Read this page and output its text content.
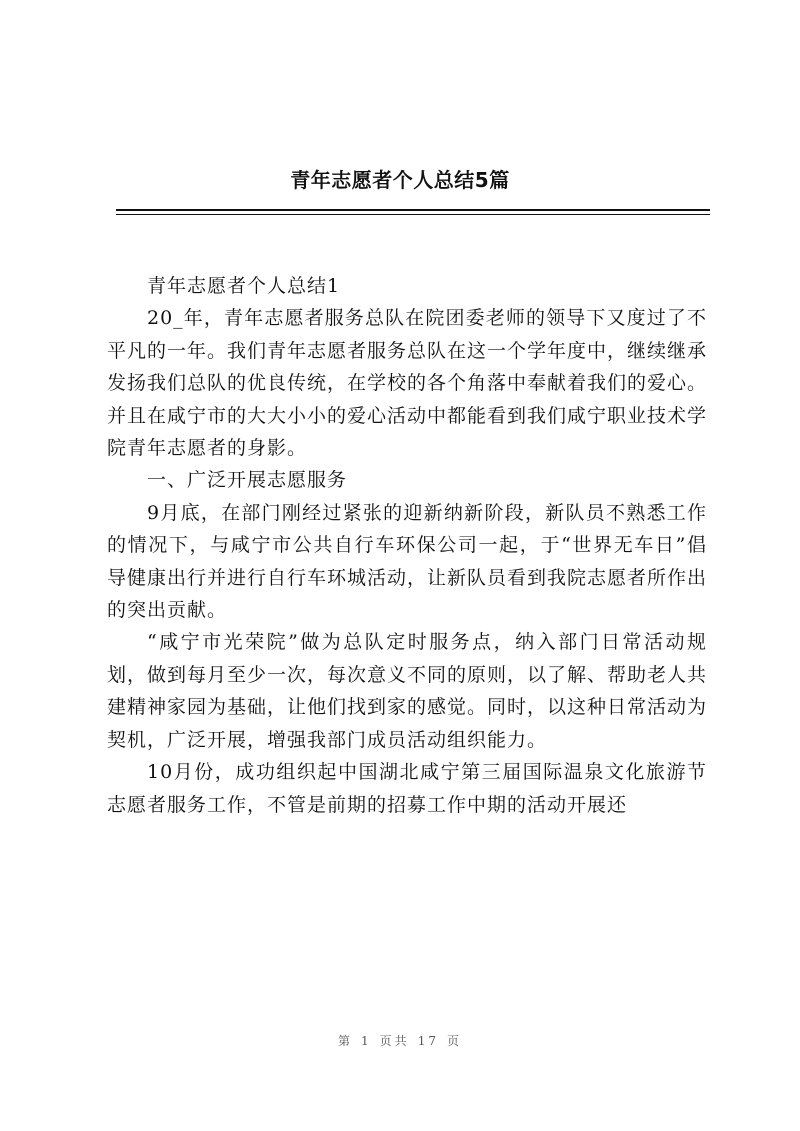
青年志愿者个人总结5篇

青年志愿者个人总结1

20_年，青年志愿者服务总队在院团委老师的领导下又度过了不平凡的一年。我们青年志愿者服务总队在这一个学年度中，继续继承发扬我们总队的优良传统，在学校的各个角落中奉献着我们的爱心。并且在咸宁市的大大小小的爱心活动中都能看到我们咸宁职业技术学院青年志愿者的身影。

一、广泛开展志愿服务

9月底，在部门刚经过紧张的迎新纳新阶段，新队员不熟悉工作的情况下，与咸宁市公共自行车环保公司一起，于“世界无车日”倡导健康出行并进行自行车环城活动，让新队员看到我院志愿者所作出的突出贡献。

“咸宁市光荣院”做为总队定时服务点，纳入部门日常活动规划，做到每月至少一次，每次意义不同的原则，以了解、帮助老人共建精神家园为基础，让他们找到家的感觉。同时，以这种日常活动为契机，广泛开展，增强我部门成员活动组织能力。

10月份，成功组织起中国湖北咸宁第三届国际温泉文化旅游节志愿者服务工作，不管是前期的招募工作中期的活动开展还

第 1 页共 17 页
